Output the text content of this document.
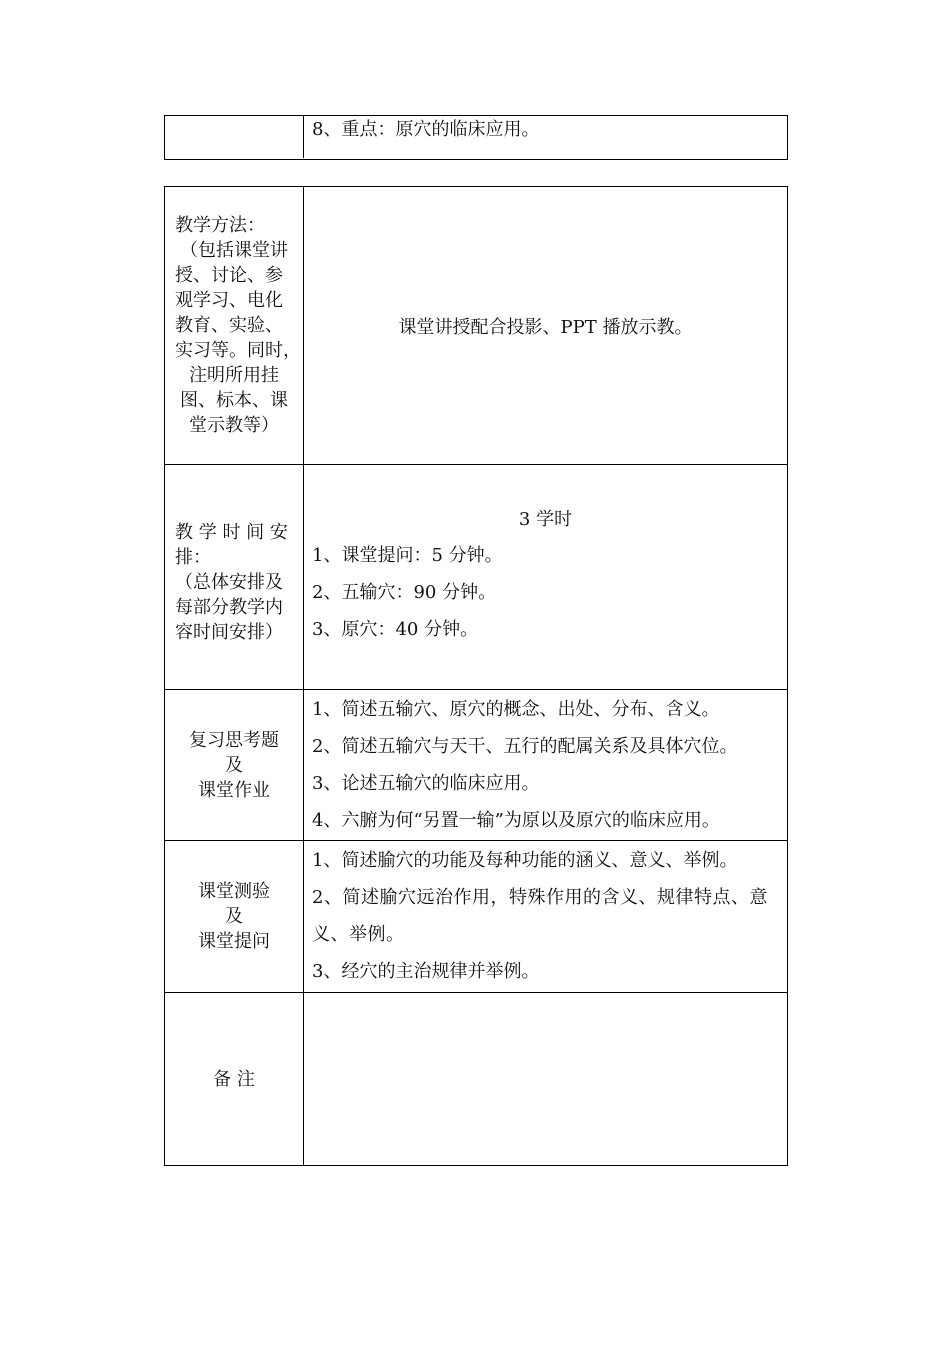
8、重点：原穴的临床应用。
教学方法：
（包括课堂讲
授、讨论、参
观学习、电化
教育、实验、
实习等。同时，
注明所用挂
图、标本、课
堂示教等）
课堂讲授配合投影、PPT 播放示教。
教 学 时 间 安
排：
（总体安排及
每部分教学内
容时间安排）
3 学时
1、课堂提问：5 分钟。
2、五输穴：90 分钟。
3、原穴：40 分钟。
复习思考题
及
课堂作业
1、简述五输穴、原穴的概念、出处、分布、含义。
2、简述五输穴与天干、五行的配属关系及具体穴位。
3、论述五输穴的临床应用。
4、六腑为何“另置一输”为原以及原穴的临床应用。
课堂测验
及
课堂提问
1、简述腧穴的功能及每种功能的涵义、意义、举例。
2、简述腧穴远治作用，特殊作用的含义、规律特点、意义、举例。
3、经穴的主治规律并举例。
备 注
